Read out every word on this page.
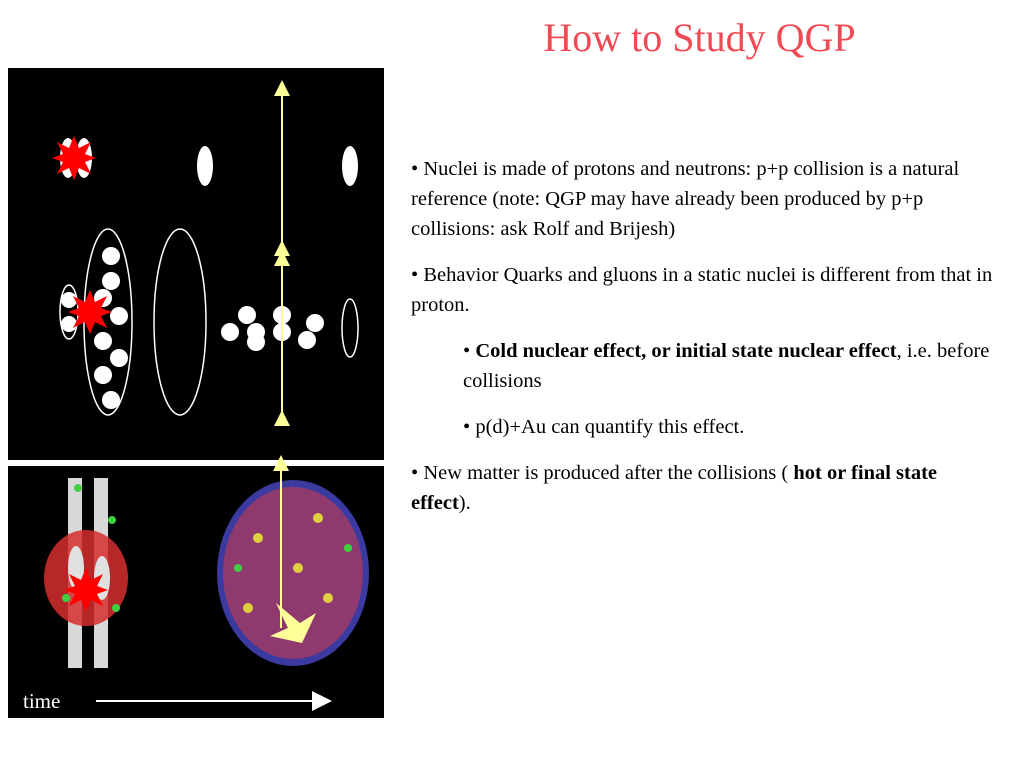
How to Study QGP
time
• Nuclei is made of protons and neutrons: p+p collision is a natural reference (note: QGP may have already been produced by p+p collisions: ask Rolf and Brijesh)
• Behavior Quarks and gluons in a static nuclei is different from that in proton.
• Cold nuclear effect, or initial state nuclear effect, i.e. before collisions
• p(d)+Au can quantify this effect.
• New matter is produced after the collisions ( hot or final state effect).
